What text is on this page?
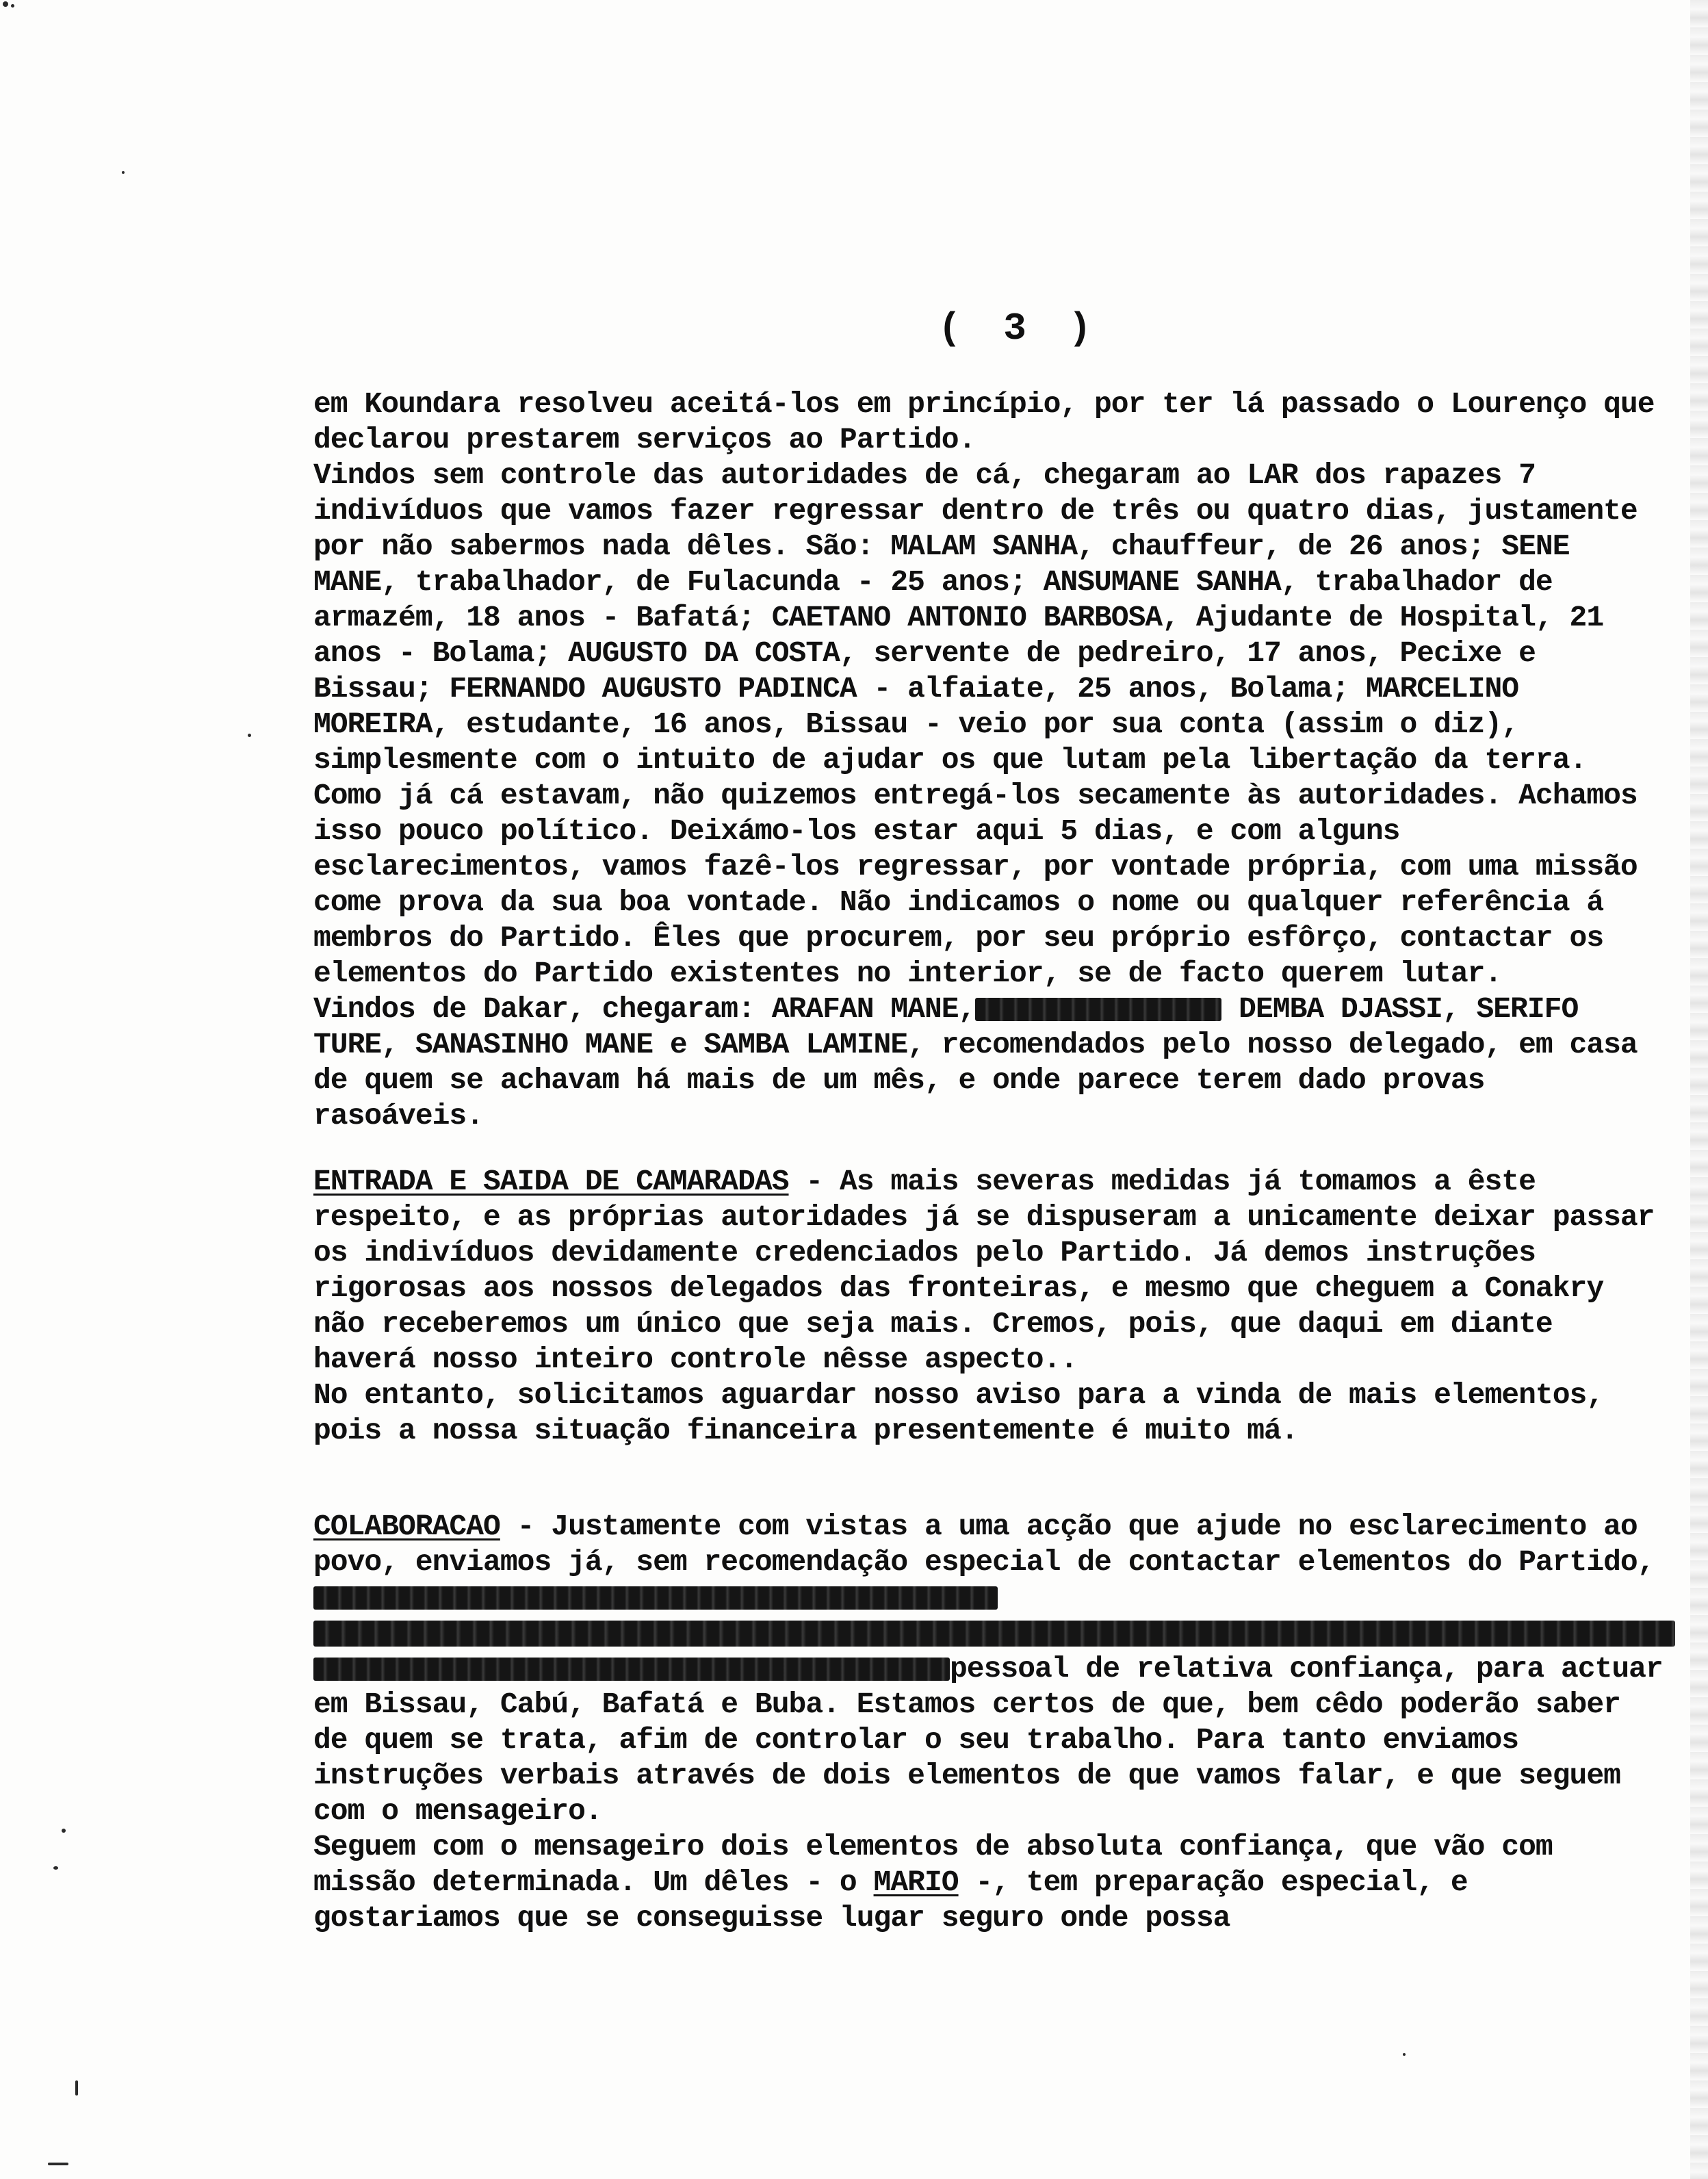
( 3 )

em Koundara resolveu aceitá-los em princípio, por ter lá passado o Lourenço que declarou prestarem serviços ao Partido.

Vindos sem controle das autoridades de cá, chegaram ao LAR dos rapazes 7 indivíduos que vamos fazer regressar dentro de três ou quatro dias, justamente por não sabermos nada dêles. São: MALAM SANHA, chauffeur, de 26 anos; SENE MANE, trabalhador, de Fulacunda - 25 anos; ANSUMANE SANHA, trabalhador de armazém, 18 anos - Bafatá; CAETANO ANTONIO BARBOSA, Ajudante de Hospital, 21 anos - Bolama; AUGUSTO DA COSTA, servente de pedreiro, 17 anos, Pecixe e Bissau; FERNANDO AUGUSTO PADINCA - alfaiate, 25 anos, Bolama; MARCELINO MOREIRA, estudante, 16 anos, Bissau - veio por sua conta (assim o diz), simplesmente com o intuito de ajudar os que lutam pela libertação da terra.

Como já cá estavam, não quizemos entregá-los secamente às autoridades. Achamos isso pouco político. Deixámo-los estar aqui 5 dias, e com alguns esclarecimentos, vamos fazê-los regressar, por vontade própria, com uma missão come prova da sua boa vontade. Não indicamos o nome ou qualquer referência á membros do Partido. Êles que procurem, por seu próprio esfôrço, contactar os elementos do Partido existentes no interior, se de facto querem lutar.

Vindos de Dakar, chegaram: ARAFAN MANE,	DEMBA DJASSI, SERIFO TURE, SANASINHO MANE e SAMBA LAMINE, recomendados pelo nosso delegado, em casa de quem se achavam há mais de um mês, e onde parece terem dado provas rasoáveis.

ENTRADA E SAIDA DE CAMARADAS - As mais severas medidas já tomamos a êste respeito, e as próprias autoridades já se dispuseram a unicamente deixar passar os indivíduos devidamente credenciados pelo Partido. Já demos instruções rigorosas aos nossos delegados das fronteiras, e mesmo que cheguem a Conakry não receberemos um único que seja mais. Cremos, pois, que daqui em diante haverá nosso inteiro controle nêsse aspecto..

No entanto, solicitamos aguardar nosso aviso para a vinda de mais elementos, pois a nossa situação financeira presentemente é muito má.

COLABORACAO - Justamente com vistas a uma acção que ajude no esclarecimento ao povo, enviamos já, sem recomendação especial de contactar elementos do Partido,
pessoal de relativa confiança, para actuar em Bissau, Cabú, Bafatá e Buba. Estamos certos de que, bem cêdo poderão saber de quem se trata, afim de controlar o seu trabalho. Para tanto enviamos instruções verbais através de dois elementos de que vamos falar, e que seguem com o mensageiro.

Seguem com o mensageiro dois elementos de absoluta confiança, que vão com missão determinada. Um dêles - o MARIO -, tem preparação especial, e gostariamos que se conseguisse lugar seguro onde possa
